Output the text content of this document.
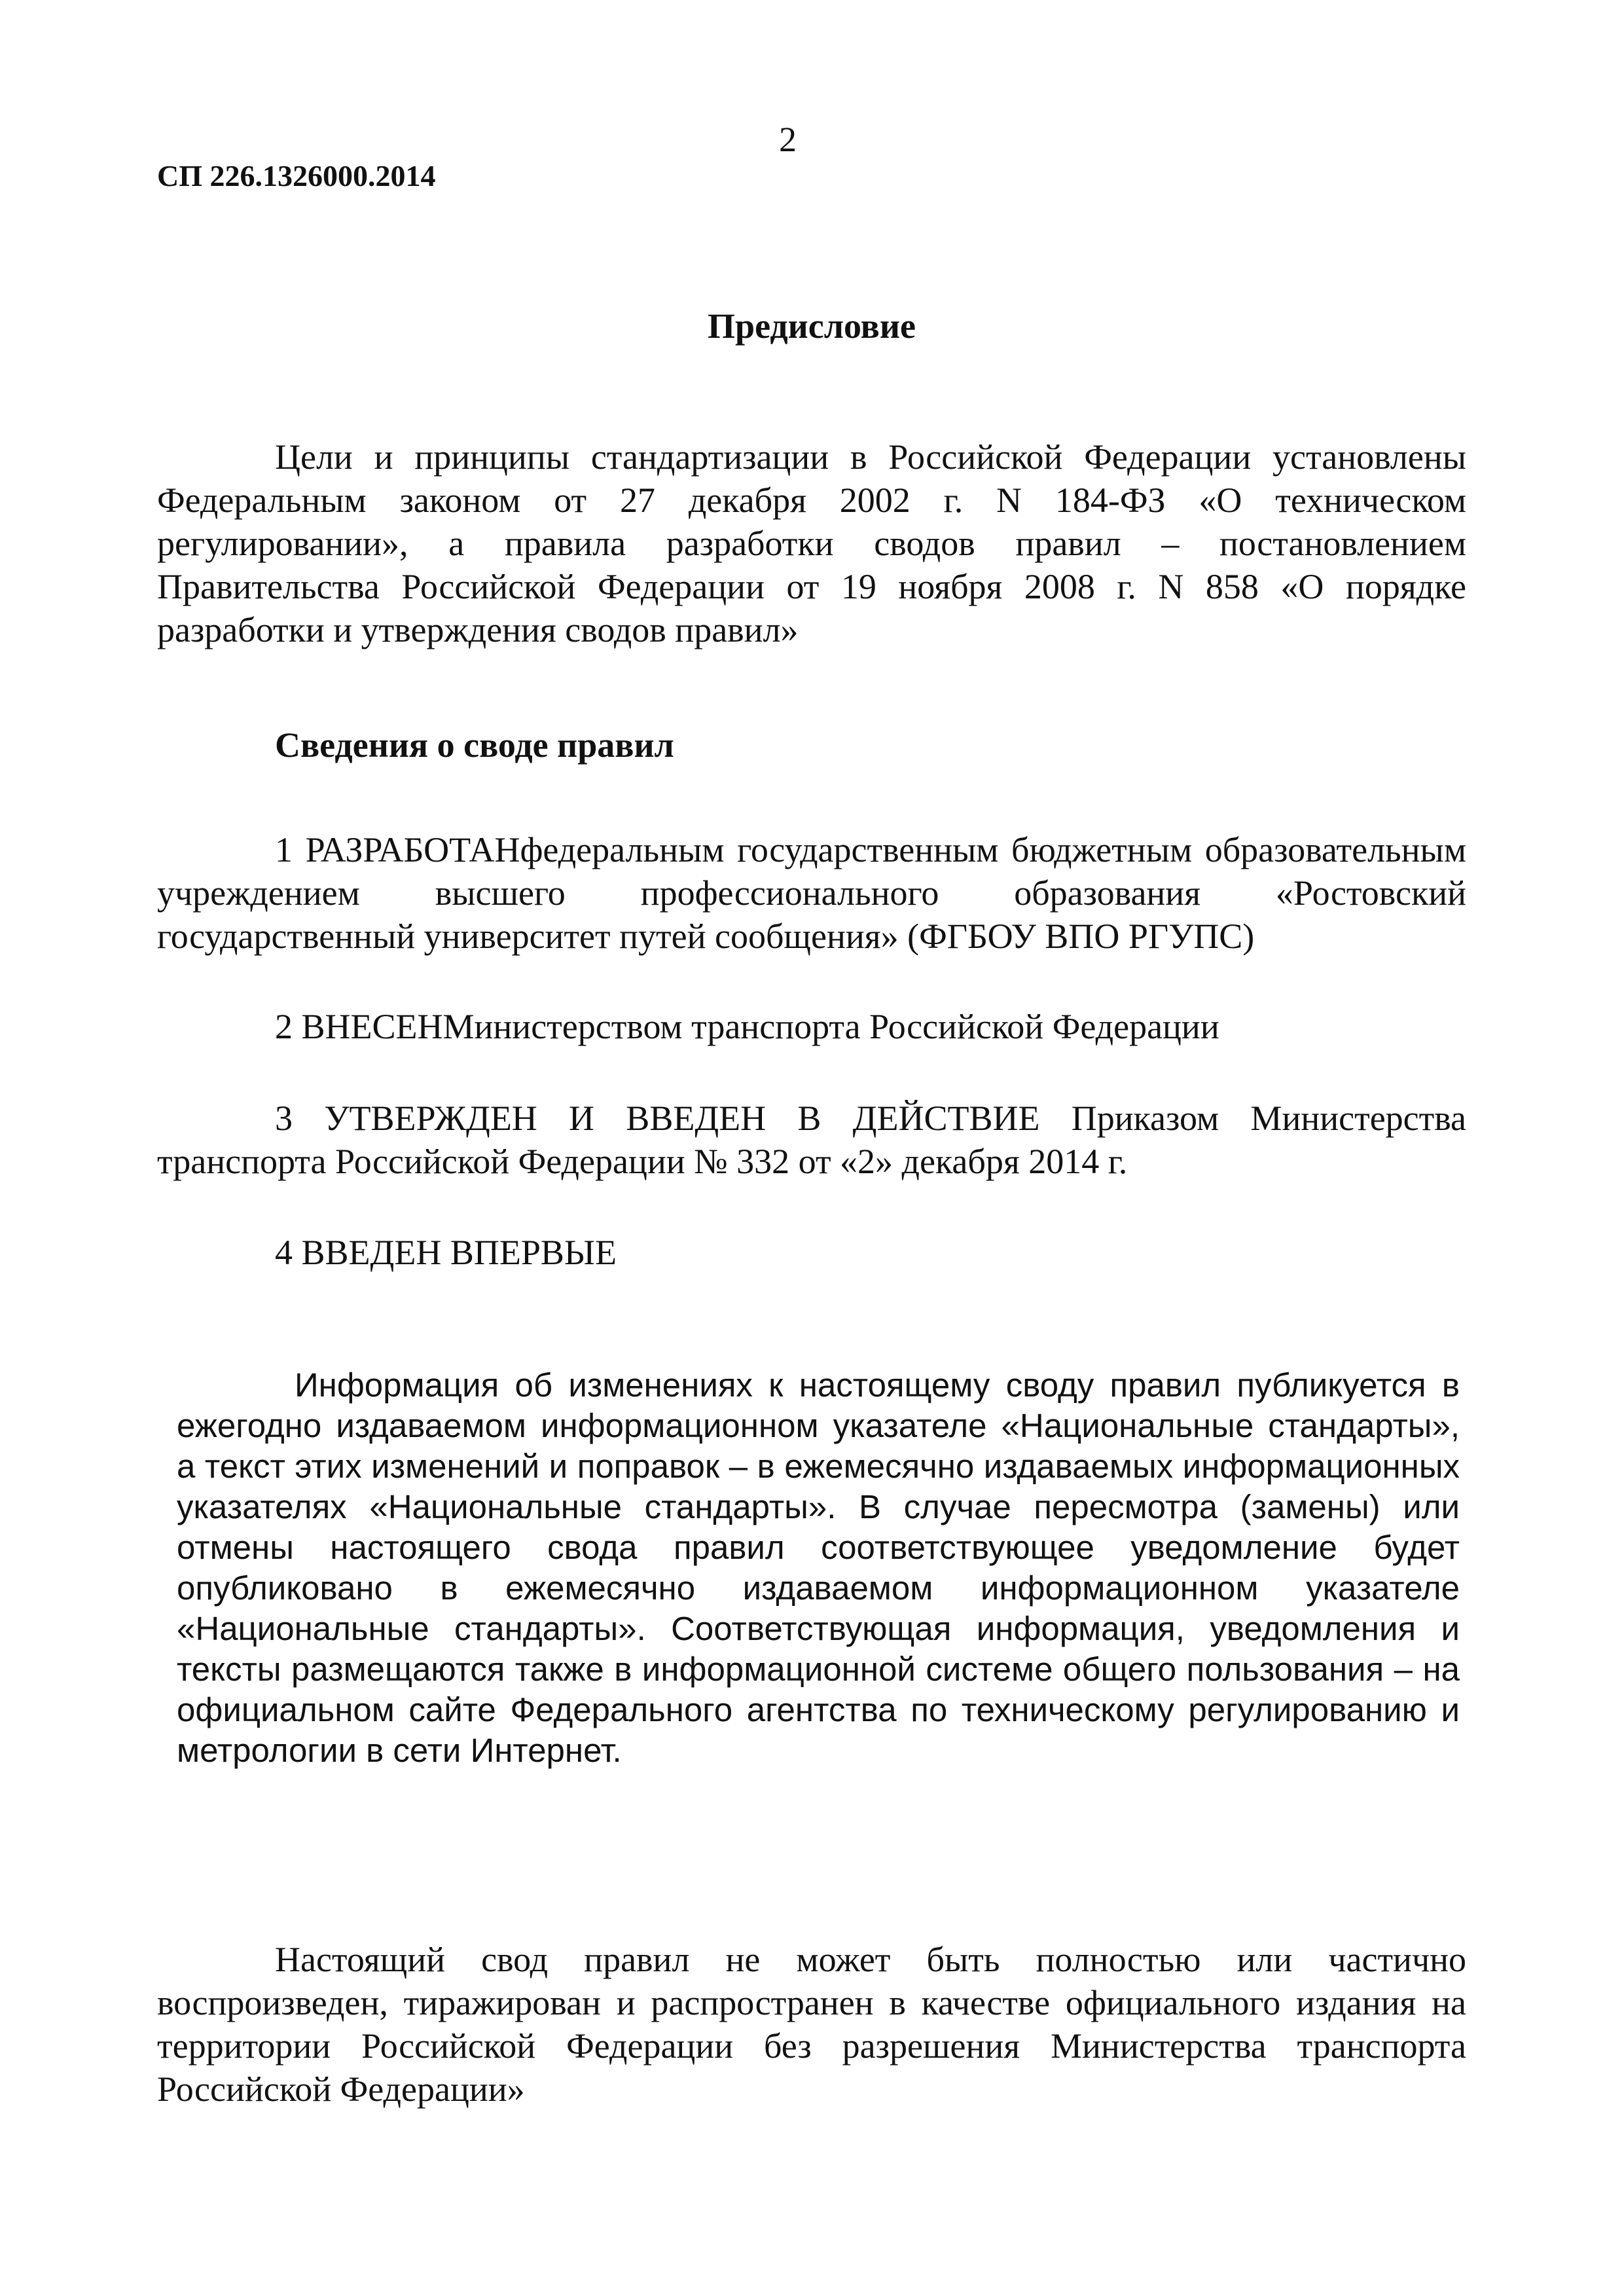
2
СП 226.1326000.2014
Предисловие

Цели и принципы стандартизации в Российской Федерации установлены Федеральным законом от 27 декабря 2002 г. N 184-ФЗ «О техническом регулировании», а правила разработки сводов правил – постановлением Правительства Российской Федерации от 19 ноября 2008 г. N 858 «О порядке разработки и утверждения сводов правил»

Сведения о своде правил

1 РАЗРАБОТАНфедеральным государственным бюджетным образовательным учреждением высшего профессионального образования «Ростовский государственный университет путей сообщения» (ФГБОУ ВПО РГУПС)

2 ВНЕСЕНМинистерством транспорта Российской Федерации

3 УТВЕРЖДЕН И ВВЕДЕН В ДЕЙСТВИЕ Приказом Министерства транспорта Российской Федерации № 332 от «2» декабря 2014 г.

4 ВВЕДЕН ВПЕРВЫЕ

Информация об изменениях к настоящему своду правил публикуется в ежегодно издаваемом информационном указателе «Национальные стандарты», а текст этих изменений и поправок – в ежемесячно издаваемых информационных указателях «Национальные стандарты». В случае пересмотра (замены) или отмены настоящего свода правил соответствующее уведомление будет опубликовано в ежемесячно издаваемом информационном указателе «Национальные стандарты». Соответствующая информация, уведомления и тексты размещаются также в информационной системе общего пользования – на официальном сайте Федерального агентства по техническому регулированию и метрологии в сети Интернет.

Настоящий свод правил не может быть полностью или частично воспроизведен, тиражирован и распространен в качестве официального издания на территории Российской Федерации без разрешения Министерства транспорта Российской Федерации»
